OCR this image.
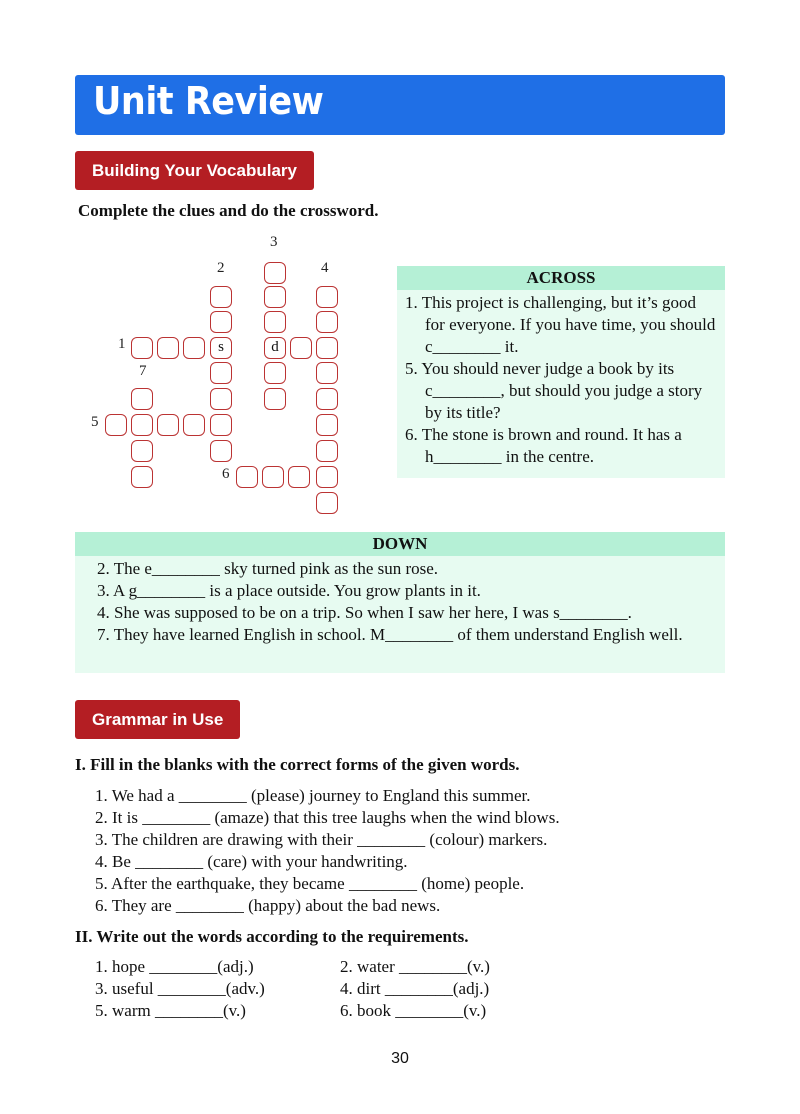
Unit Review
Building Your Vocabulary
Complete the clues and do the crossword.
s	d
1
2
3
4
5
6
7
ACROSS

1. This project is challenging, but it’s good for everyone. If you have time, you should c________ it.

5. You should never judge a book by its c________, but should you judge a story by its title?

6. The stone is brown and round. It has a h________ in the centre.

DOWN

2. The e________ sky turned pink as the sun rose.

3. A g________ is a place outside. You grow plants in it.

4. She was supposed to be on a trip. So when I saw her here, I was s________.

7. They have learned English in school. M________ of them understand English well.

Grammar in Use
I. Fill in the blanks with the correct forms of the given words.

1. We had a ________ (please) journey to England this summer.

2. It is ________ (amaze) that this tree laughs when the wind blows.

3. The children are drawing with their ________ (colour) markers.

4. Be ________ (care) with your handwriting.

5. After the earthquake, they became ________ (home) people.

6. They are ________ (happy) about the bad news.

II. Write out the words according to the requirements.
1. hope ________(adj.)	2. water ________(v.)
3. useful ________(adv.)	4. dirt ________(adj.)
5. warm ________(v.)	6. book ________(v.)
30
